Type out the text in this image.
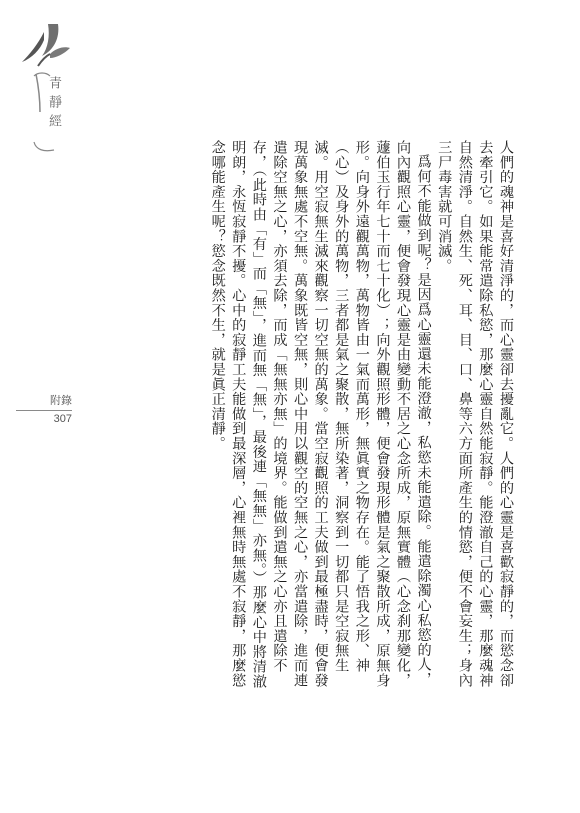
青靜經
附錄
307	人們的魂神是喜好清淨的，而心靈卻去擾亂它。人們的心靈是喜歡寂靜的，而慾念卻去牽引它。如果能常遣除私慾，那麼心靈自然能寂靜。能澄澈自己的心靈，那麼魂神自然清淨。自然生、死、耳、目、口、鼻等六方面所產生的情慾，便不會妄生；身內三尸毒害就可消滅。

爲何不能做到呢？是因爲心靈還未能澄澈，私慾未能遣除。能遣除濁心私慾的人，向內觀照心靈，便會發現心靈是由變動不居之心念所成，原無實體（心念刹那變化，蘧伯玉行年七十而七十化）；向外觀照形體，便會發現形體是氣之聚散所成，原無身形。向身外遠觀萬物，萬物皆由一氣而萬形，無眞實之物存在。能了悟我之形、神（心）及身外的萬物，三者都是氣之聚散，無所染著，洞察到一切都只是空寂無生滅。用空寂無生滅來觀察一切空無的萬象。當空寂觀照的工夫做到最極盡時，便會發現萬象無處不空無。萬象既皆空無，則心中用以觀空的空無之心，亦當遣除，進而連遣除空無之心，亦須去除，而成「無無亦無」的境界。能做到遣無之心亦且遣除不存，（此時由「有」而「無」，進而無「無」，最後連「無無」亦無。）那麼心中將清澈明朗，永恆寂靜不擾。心中的寂靜工夫能做到最深層，心裡無時無處不寂靜，那麼慾念哪能產生呢？慾念既然不生，就是眞正清靜。
